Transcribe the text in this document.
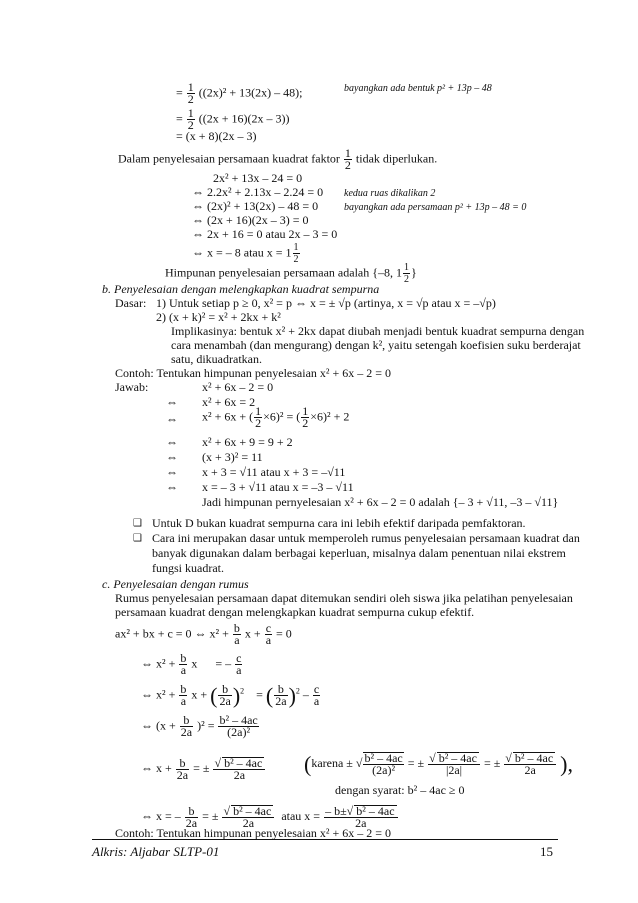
= $\frac{1}{2} ((2x)^2 + 13(2x) - 48)$;	bayangkan ada bentuk p² + 13p – 48
= $\frac{1}{2} ((2x + 16)(2x - 3))$
= (x + 8)(2x – 3)
Dalam penyelesaian persamaan kuadrat faktor $\frac{1}{2}$ tidak diperlukan.
2x² + 13x – 24 = 0
⇔ 2.2x² + 2.13x – 2.24 = 0 kedua ruas dikalikan 2
⇔ (2x)² + 13(2x) – 48 = 0	bayangkan ada persamaan p² + 13p – 48 = 0
⇔ (2x + 16)(2x – 3) = 0
⇔ 2x + 16 = 0 atau 2x – 3 = 0
⇔ x = – 8 atau $x = 1 \frac{1}{2}$
Himpunan penyelesaian persamaan adalah {–8, $1 \frac{1}{2}$ }
b. Penyelesaian dengan melengkapkan kuadrat sempurna
Dasar: 1) Untuk setiap p ≥ 0, x² = p ⇔ x = ± √p (artinya, x = √p atau x = –√p)
2) (x + k)² = x² + 2kx + k²
Implikasinya: bentuk x² + 2kx dapat diubah menjadi bentuk kuadrat sempurna dengan
cara menambah (dan mengurang) dengan k², yaitu setengah koefisien suku berderajat
satu, dikuadratkan.
Contoh: Tentukan himpunan penyelesaian x² + 6x – 2 = 0
Jawab:	x² + 6x – 2 = 0
⇔ x² + 6x = 2
⇔ x² + 6x + ( $\frac{1}{2} \times 6)^2$ = ( $\frac{1}{2} \times 6)^2 + 2$
⇔ x² + 6x + 9 = 9 + 2
⇔ (x + 3)² = 11
⇔ x + 3 = √11 atau x + 3 = –√11
⇔ x = – 3 + √11 atau x = –3 – √11
Jadi himpunan pernyelesaian x² + 6x – 2 = 0 adalah {– 3 + √11, –3 – √11}
❑ Untuk D bukan kuadrat sempurna cara ini lebih efektif daripada pemfaktoran.
❑ Cara ini merupakan dasar untuk memperoleh rumus penyelesaian persamaan kuadrat dan
banyak digunakan dalam berbagai keperluan, misalnya dalam penentuan nilai ekstrem
fungsi kuadrat.
c. Penyelesaian dengan rumus
Rumus penyelesaian persamaan dapat ditemukan sendiri oleh siswa jika pelatihan penyelesaian
persamaan kuadrat dengan melengkapkan kuadrat sempurna cukup efektif.
ax² + bx + c = 0 ⇔ $x^2 + \frac{b}{a}$ $x + \frac{c}{a} = 0$
⇔ $x^2 + \frac{b}{a}$ x = – $\frac{c}{a}$
⇔ $x^2 + \frac{b}{a}$ x + ( $\frac{b}{2a} )^2$ = ( $\frac{b}{2a} )^2 - \frac{c}{a}$
⇔ $(x + \frac{b}{2a} )^2 = \frac{\text{b² – 4ac}}{\text{(2a)²}}$
⇔ $x + \frac{b}{2a}$ = ± $\frac{\text{√ b² – 4ac}}{2a}$ (karena ± √ $\frac{\text{b² – 4ac}}{\text{(2a)²}}$ = ± $\frac{\text{√ b² – 4ac}}{|2a|}$ = ± $\frac{\text{√ b² – 4ac}}{2a}$ ),
dengan syarat: b² – 4ac ≥ 0
⇔ x = – $\frac{b}{2a}$ = ± $\frac{\text{√ b² – 4ac}}{2a}$ atau $x = \frac{\text{– b±√ b² – 4ac}}{2a}$
Contoh: Tentukan himpunan penyelesaian x² + 6x – 2 = 0
Alkris: Aljabar SLTP-01	15
